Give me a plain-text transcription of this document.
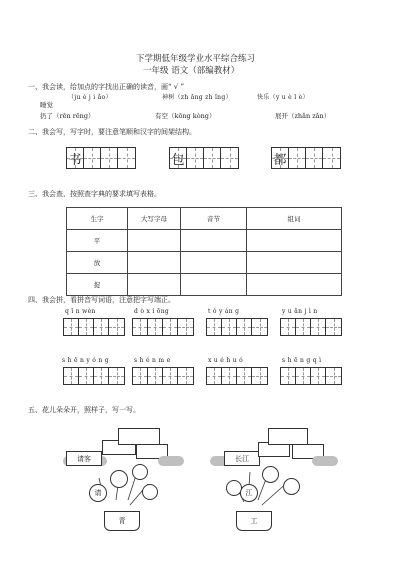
下学期低年级学业水平综合练习
一年级 语文（部编教材）
一、我会读，给加点的字找出正确的读音，画“ √ ”
（ju è j i ǎo）	神树（zh ǎng zh ǐng）	快乐（y u è l è）
睡觉
扔了（rēn rēng）	有空（kōng kòng）	展开（zhǎn zǎn）
二、我会写，写字时，要注意笔顺和汉字的间架结构。
书	包	都
三、我会查，按照查字典的要求填写表格。
生字	大写字母	音节	组词
平			
放			
捉			
四、我会拼，看拼音写词语，注意把字写端正。
q ī n wèn	d ò x i ōng	t ó y án g	y u ǎn j ì n
s h ē n y ó n g	s h é n m e	x u é h u ó	s h ē n g q ì
五、花儿朵朵开，照样子，写一写。
请客
请
青
长江
江
工
